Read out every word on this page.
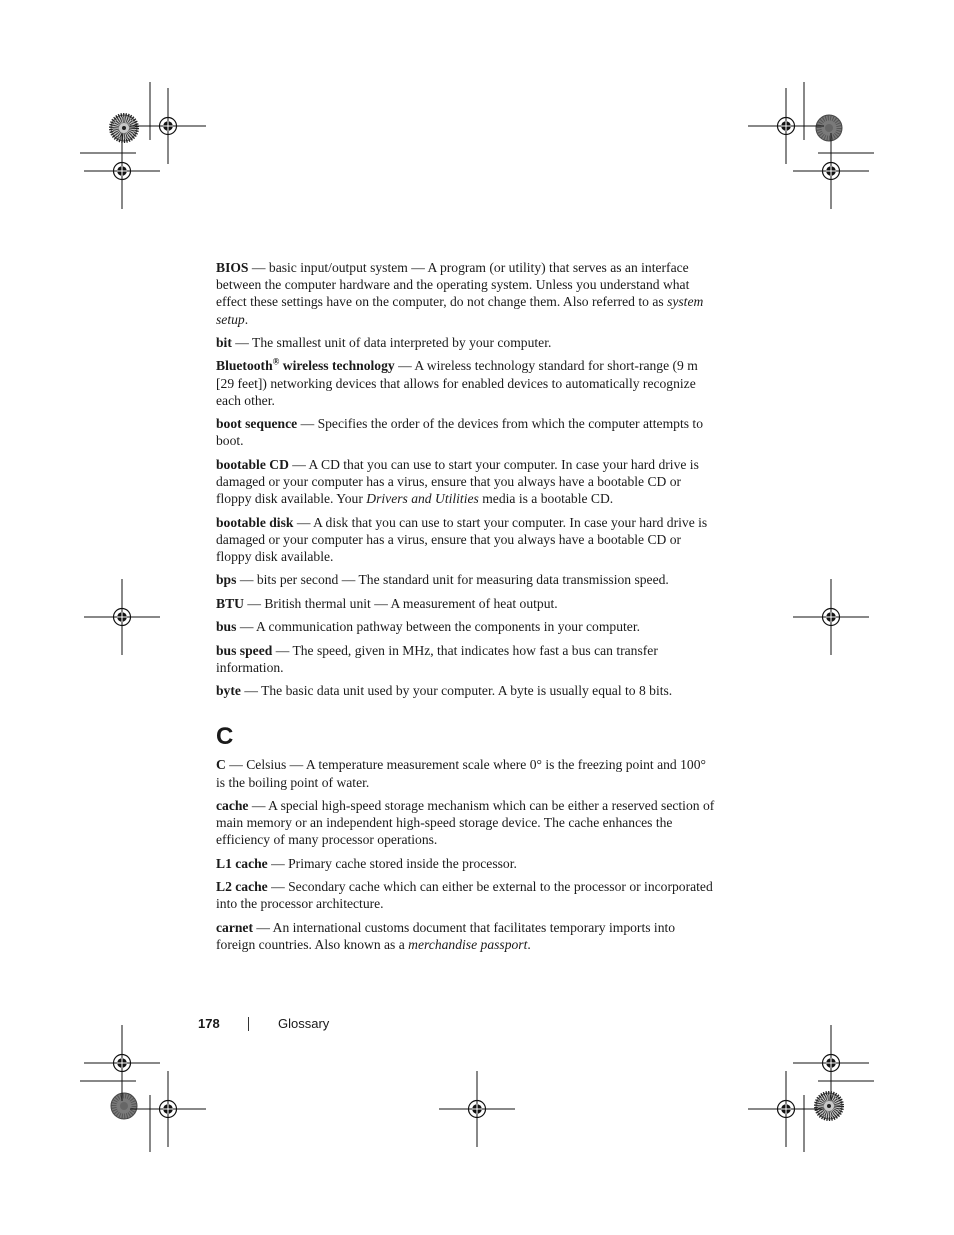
BIOS — basic input/output system — A program (or utility) that serves as an interface between the computer hardware and the operating system. Unless you understand what effect these settings have on the computer, do not change them. Also referred to as system setup.

bit — The smallest unit of data interpreted by your computer.

Bluetooth® wireless technology — A wireless technology standard for short-range (9 m [29 feet]) networking devices that allows for enabled devices to automatically recognize each other.

boot sequence — Specifies the order of the devices from which the computer attempts to boot.

bootable CD — A CD that you can use to start your computer. In case your hard drive is damaged or your computer has a virus, ensure that you always have a bootable CD or floppy disk available. Your Drivers and Utilities media is a bootable CD.

bootable disk — A disk that you can use to start your computer. In case your hard drive is damaged or your computer has a virus, ensure that you always have a bootable CD or floppy disk available.

bps — bits per second — The standard unit for measuring data transmission speed.

BTU — British thermal unit — A measurement of heat output.

bus — A communication pathway between the components in your computer.

bus speed — The speed, given in MHz, that indicates how fast a bus can transfer information.

byte — The basic data unit used by your computer. A byte is usually equal to 8 bits.

C

C — Celsius — A temperature measurement scale where 0° is the freezing point and 100° is the boiling point of water.

cache — A special high-speed storage mechanism which can be either a reserved section of main memory or an independent high-speed storage device. The cache enhances the efficiency of many processor operations.

L1 cache — Primary cache stored inside the processor.

L2 cache — Secondary cache which can either be external to the processor or incorporated into the processor architecture.

carnet — An international customs document that facilitates temporary imports into foreign countries. Also known as a merchandise passport.

178	Glossary
